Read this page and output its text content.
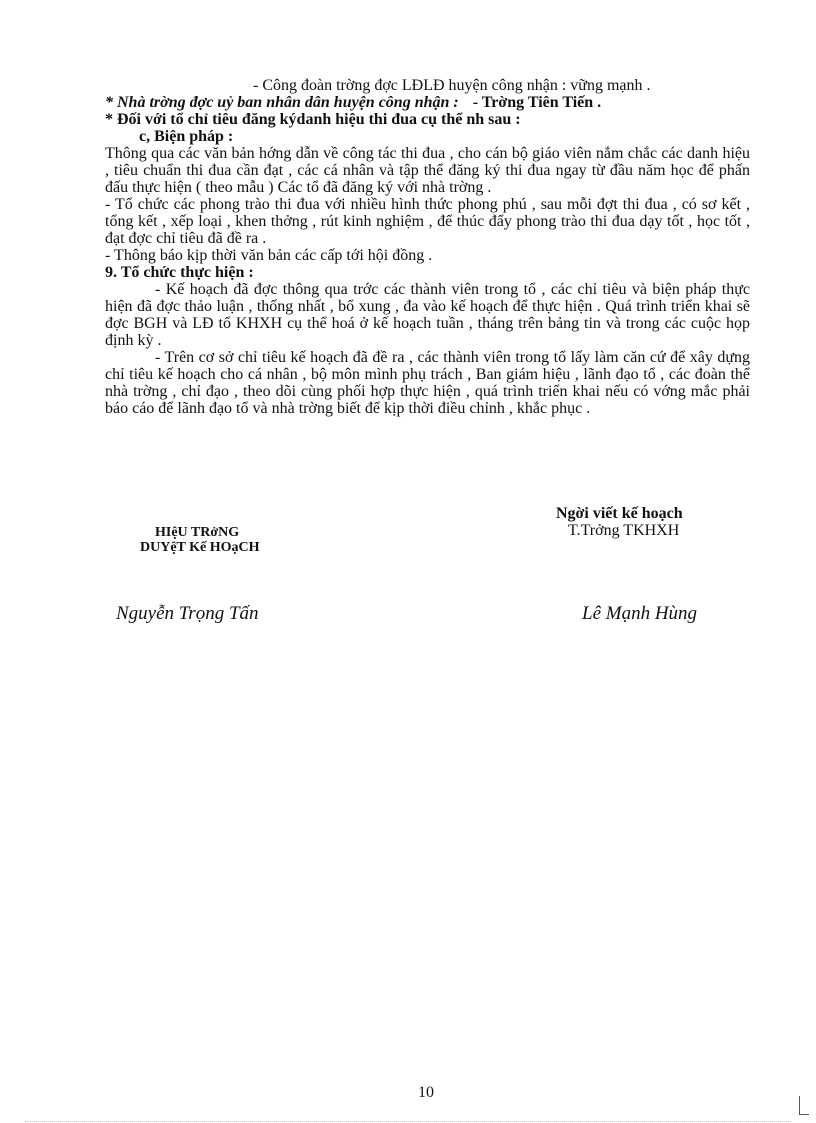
- Công đoàn trờng đợc LĐLĐ huyện công nhận : vững mạnh .
* Nhà trờng đợc uỷ ban nhân dân huyện công nhận : - Trờng Tiên Tiến .
* Đối với tổ chỉ tiêu đăng kýdanh hiệu thi đua cụ thể nh sau :
c, Biện pháp :
Thông qua các văn bản hớng dẫn về công tác thi đua , cho cán bộ giáo viên nắm chắc các danh hiệu , tiêu chuẩn thi đua cần đạt , các cá nhân và tập thể đăng ký thi đua ngay từ đầu năm học để phấn đấu thực hiện ( theo mẫu ) Các tổ đã đăng ký với nhà trờng .
- Tổ chức các phong trào thi đua với nhiều hình thức phong phú , sau mỗi đợt thi đua , có sơ kết , tổng kết , xếp loại , khen thởng , rút kinh nghiệm , để thúc đẩy phong trào thi đua dạy tốt , học tốt , đạt đợc chỉ tiêu đã đề ra .
- Thông báo kịp thời văn bản các cấp tới hội đồng .
9. Tổ chức thực hiện :
- Kế hoạch đã đợc thông qua trớc các thành viên trong tổ , các chỉ tiêu và biện pháp thực hiện đã đợc thảo luận , thống nhất , bổ xung , đa vào kế hoạch để thực hiện . Quá trình triển khai sẽ đợc BGH và LĐ tổ KHXH cụ thể hoá ở kế hoạch tuần , tháng trên bảng tin và trong các cuộc họp định kỳ .
- Trên cơ sở chỉ tiêu kế hoạch đã đề ra , các thành viên trong tổ lấy làm căn cứ để xây dựng chỉ tiêu kế hoạch cho cá nhân , bộ môn mình phụ trách , Ban giám hiệu , lãnh đạo tổ , các đoàn thể nhà trờng , chỉ đạo , theo dõi cùng phối hợp thực hiện , quá trình triển khai nếu có vớng mắc phải báo cáo để lãnh đạo tổ và nhà trờng biết để kịp thời điều chỉnh , khắc phục .
Ngời viết kế hoạch
T.Trởng TKHXH
HIệU TRởNG
DUYệT Kế HOạCH
Nguyễn Trọng Tấn	Lê Mạnh Hùng
10
